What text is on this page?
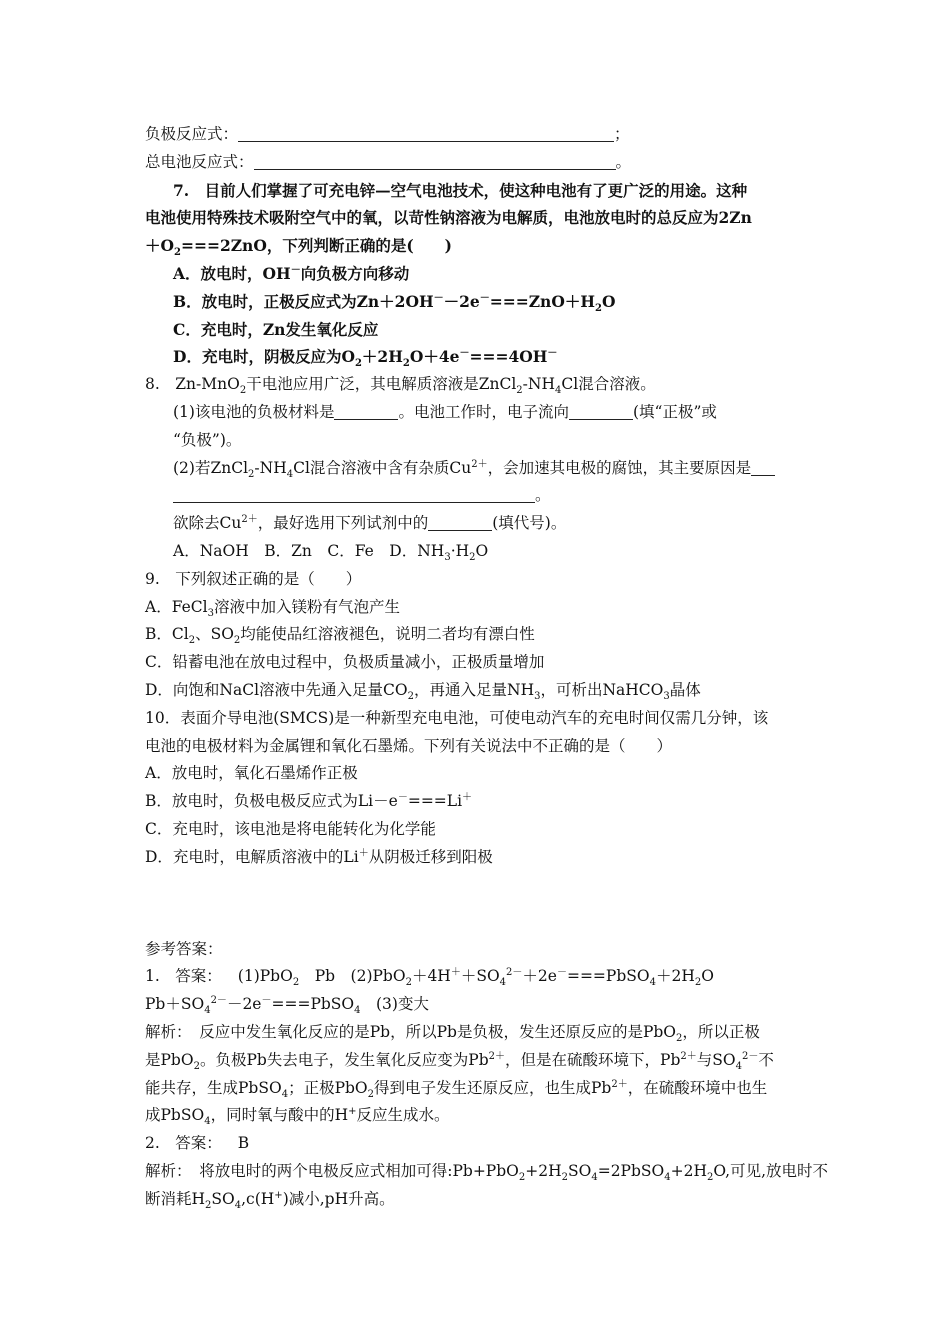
负极反应式：	；
总电池反应式：	。
7.　目前人们掌握了可充电锌—空气电池技术，使这种电池有了更广泛的用途。这种
电池使用特殊技术吸附空气中的氧，以苛性钠溶液为电解质，电池放电时的总反应为2Zn
$+O_2===2ZnO$，下列判断正确的是(　　)
A．放电时，OH－向负极方向移动
B．放电时，正极反应式为$Zn+2OH^--2e^-===ZnO+H_2O$
C．充电时，Zn发生氧化反应
D．充电时，阴极反应为$O_2+2H_2O+4e^-===4OH^-$
8.　Zn-MnO$_2$干电池应用广泛，其电解质溶液是$ZnCl_2-NH_4Cl$混合溶液。
(1)该电池的负极材料是	。电池工作时，电子流向	(填“正极”或
“负极”)。
(2)若$ZnCl_2-NH_4Cl$混合溶液中含有杂质$Cu^{2+}$，会加速其电极的腐蚀，其主要原因是
。
欲除去$Cu^{2+}$，最好选用下列试剂中的	(填代号)。
A．NaOH　B．Zn　C．Fe　D．$NH_3\cdot H_2O$
9.　下列叙述正确的是（　　）
A．FeCl$_3$溶液中加入镁粉有气泡产生
B．$Cl_2$、$SO_2$均能使品红溶液褪色，说明二者均有漂白性
C．铅蓄电池在放电过程中，负极质量减小，正极质量增加
D．向饱和NaCl溶液中先通入足量$CO_2$，再通入足量$NH_3$，可析出NaHCO$_3$晶体
10．表面介导电池(SMCS)是一种新型充电电池，可使电动汽车的充电时间仅需几分钟，该
电池的电极材料为金属锂和氧化石墨烯。下列有关说法中不正确的是（　　）
A．放电时，氧化石墨烯作正极
B．放电时，负极电极反应式为Li－e－===Li＋
C．充电时，该电池是将电能转化为化学能
D．充电时，电解质溶液中的Li＋从阴极迁移到阳极
参考答案：
1.　答案： (1)PbO$_2$　Pb　$(2)PbO_2+4H^++SO_4^{2-}+2e^-===PbSO_4+2H_2O$
$Pb+SO_4^{2-}-2e^-===PbSO_4$　(3)变大
解析：　反应中发生氧化反应的是Pb，所以Pb是负极，发生还原反应的是PbO$_2$，所以正极
是PbO$_2$。负极Pb失去电子，发生氧化反应变为$Pb^{2+}$，但是在硫酸环境下，$Pb^{2+}$与$SO_4^{2-}$不
能共存，生成PbSO$_4$；正极PbO$_2$得到电子发生还原反应，也生成$Pb^{2+}$，在硫酸环境中也生
成PbSO$_4$，同时氧与酸中的H+反应生成水。
2.　答案： B
解析：　将放电时的两个电极反应式相加可得$:Pb+PbO_2+2H_2SO_4=2PbSO_4+2H_2O$,可见,放电时不
断消耗$H_2SO_4,c(H^+)$减小,pH升高。
